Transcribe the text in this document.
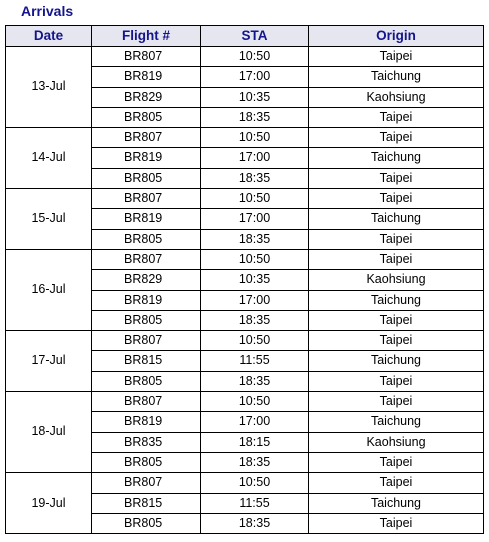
Arrivals
Date	Flight #	STA	Origin
13-Jul	BR807	10:50	Taipei
	BR819	17:00	Taichung
	BR829	10:35	Kaohsiung
	BR805	18:35	Taipei
14-Jul	BR807	10:50	Taipei
	BR819	17:00	Taichung
	BR805	18:35	Taipei
15-Jul	BR807	10:50	Taipei
	BR819	17:00	Taichung
	BR805	18:35	Taipei
16-Jul	BR807	10:50	Taipei
	BR829	10:35	Kaohsiung
	BR819	17:00	Taichung
	BR805	18:35	Taipei
17-Jul	BR807	10:50	Taipei
	BR815	11:55	Taichung
	BR805	18:35	Taipei
18-Jul	BR807	10:50	Taipei
	BR819	17:00	Taichung
	BR835	18:15	Kaohsiung
	BR805	18:35	Taipei
19-Jul	BR807	10:50	Taipei
	BR815	11:55	Taichung
	BR805	18:35	Taipei
